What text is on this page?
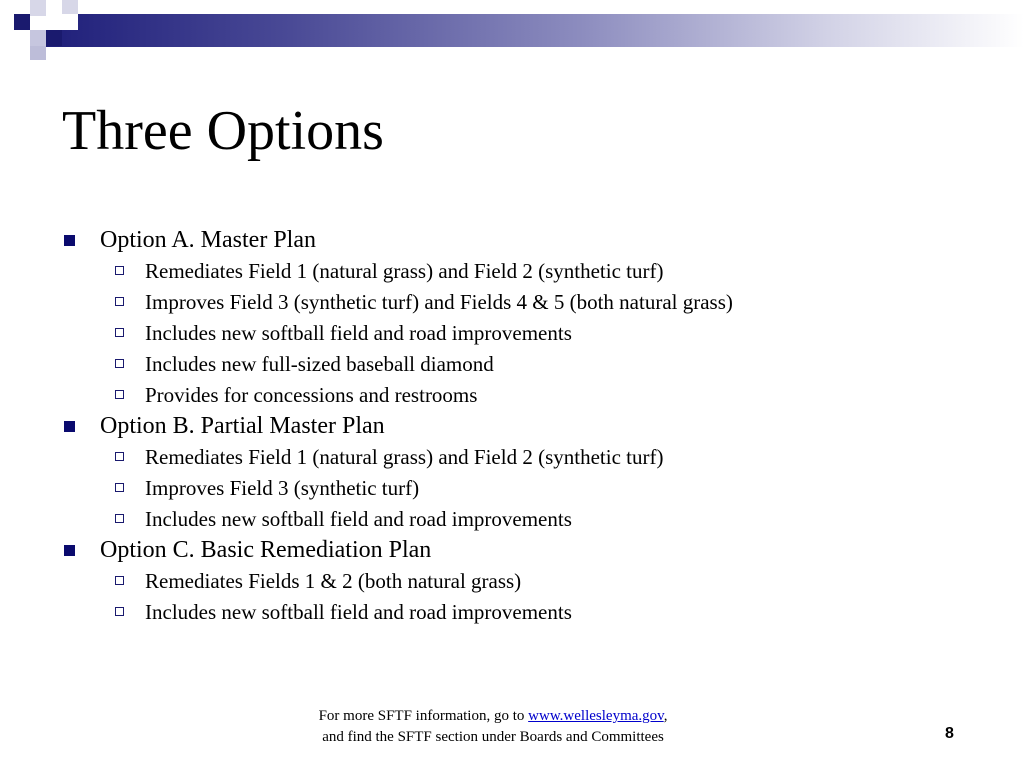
Three Options
Option A. Master Plan
Remediates Field 1 (natural grass) and Field 2 (synthetic turf)
Improves Field 3 (synthetic turf) and Fields 4 & 5 (both natural grass)
Includes new softball field and road improvements
Includes new full-sized baseball diamond
Provides for concessions and restrooms
Option B. Partial Master Plan
Remediates Field 1 (natural grass) and Field 2 (synthetic turf)
Improves Field 3 (synthetic turf)
Includes new softball field and road improvements
Option C. Basic Remediation Plan
Remediates Fields 1 & 2 (both natural grass)
Includes new softball field and road improvements
For more SFTF information, go to www.wellesleyma.gov,
and find the SFTF section under Boards and Committees	8
